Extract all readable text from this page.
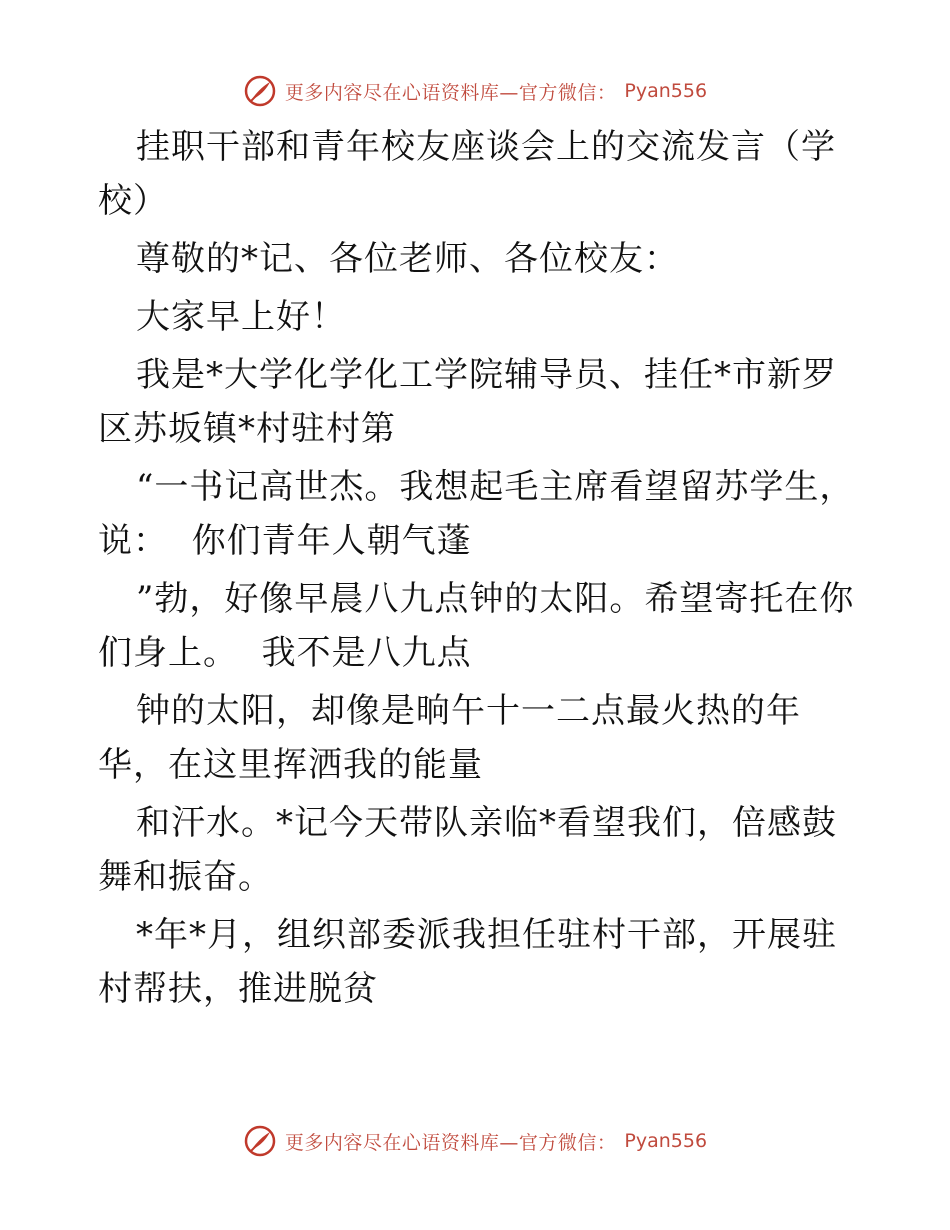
更多内容尽在心语资料库—官方微信： Pyan556

挂职干部和青年校友座谈会上的交流发言（学校）

尊敬的*记、各位老师、各位校友：

大家早上好！

我是*大学化学化工学院辅导员、挂任*市新罗区苏坂镇*村驻村第

“一书记高世杰。我想起毛主席看望留苏学生，说：  你们青年人朝气蓬

”勃，好像早晨八九点钟的太阳。希望寄托在你们身上。  我不是八九点

钟的太阳，却像是晌午十一二点最火热的年华，在这里挥洒我的能量

和汗水。*记今天带队亲临*看望我们，倍感鼓舞和振奋。

*年*月，组织部委派我担任驻村干部，开展驻村帮扶，推进脱贫

更多内容尽在心语资料库—官方微信： Pyan556
